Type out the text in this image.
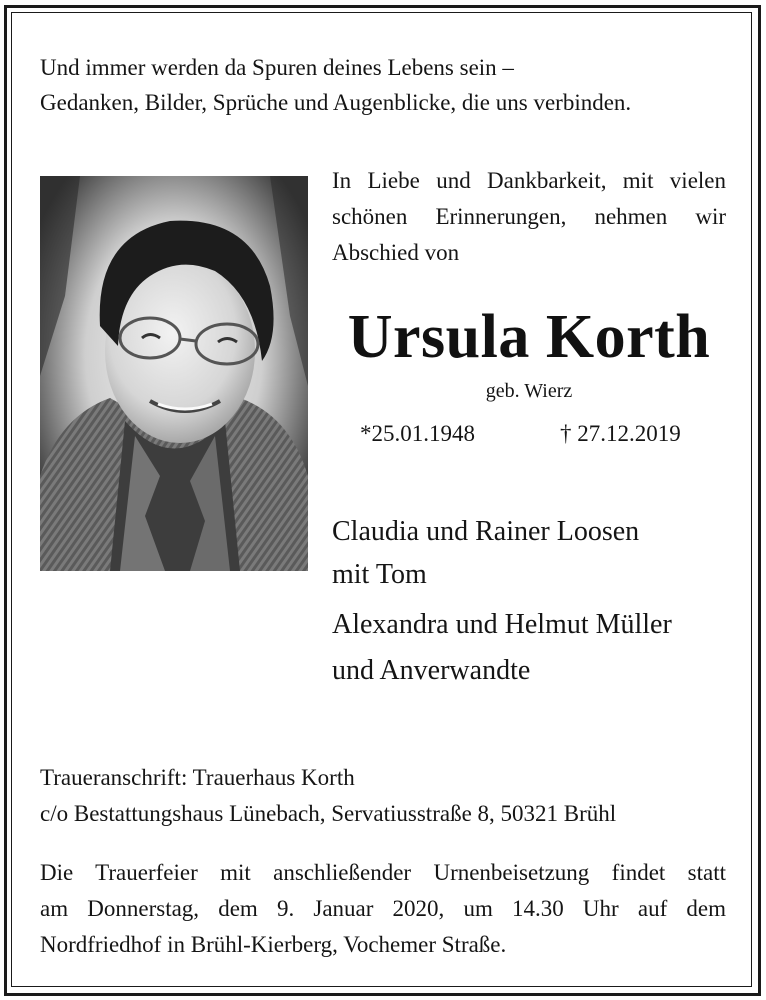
Und immer werden da Spuren deines Lebens sein –
Gedanken, Bilder, Sprüche und Augenblicke, die uns verbinden.
In Liebe und Dankbarkeit, mit vielen
schönen Erinnerungen, nehmen wir
Abschied von
Ursula Korth
geb. Wierz
*25.01.1948	† 27.12.2019
Claudia und Rainer Loosen
mit Tom
Alexandra und Helmut Müller
und Anverwandte
Traueranschrift: Trauerhaus Korth
c/o Bestattungshaus Lünebach, Servatiusstraße 8, 50321 Brühl
Die Trauerfeier mit anschließender Urnenbeisetzung findet statt
am Donnerstag, dem 9. Januar 2020, um 14.30 Uhr auf dem
Nordfriedhof in Brühl-Kierberg, Vochemer Straße.
